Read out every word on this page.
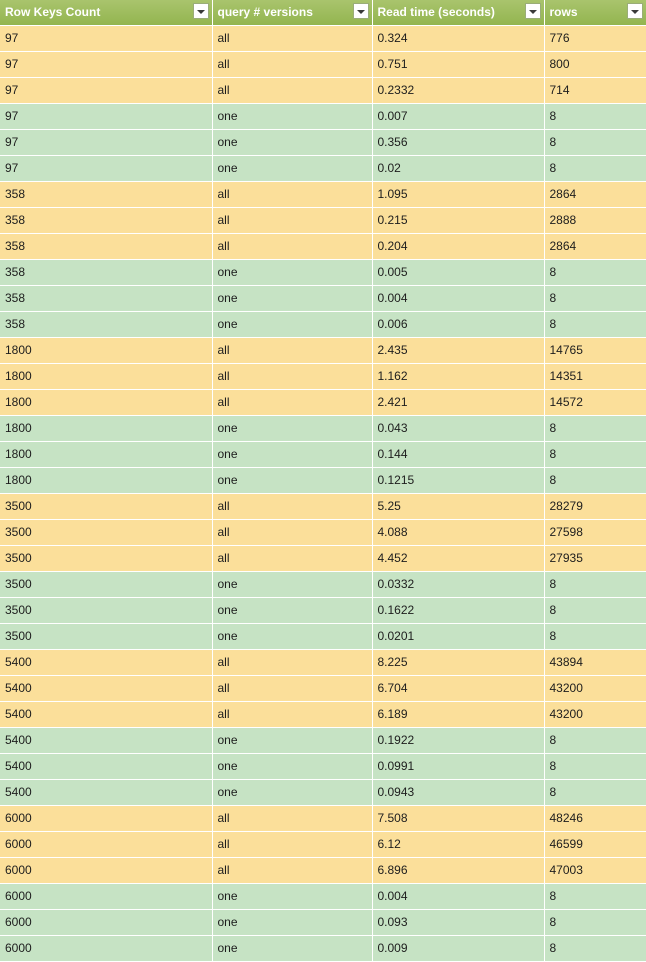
Row Keys Count	query # versions	Read time (seconds)	rows

97	all	0.324	776
97	all	0.751	800
97	all	0.2332	714
97	one	0.007	8
97	one	0.356	8
97	one	0.02	8
358	all	1.095	2864
358	all	0.215	2888
358	all	0.204	2864
358	one	0.005	8
358	one	0.004	8
358	one	0.006	8
1800	all	2.435	14765
1800	all	1.162	14351
1800	all	2.421	14572
1800	one	0.043	8
1800	one	0.144	8
1800	one	0.1215	8
3500	all	5.25	28279
3500	all	4.088	27598
3500	all	4.452	27935
3500	one	0.0332	8
3500	one	0.1622	8
3500	one	0.0201	8
5400	all	8.225	43894
5400	all	6.704	43200
5400	all	6.189	43200
5400	one	0.1922	8
5400	one	0.0991	8
5400	one	0.0943	8
6000	all	7.508	48246
6000	all	6.12	46599
6000	all	6.896	47003
6000	one	0.004	8
6000	one	0.093	8
6000	one	0.009	8
